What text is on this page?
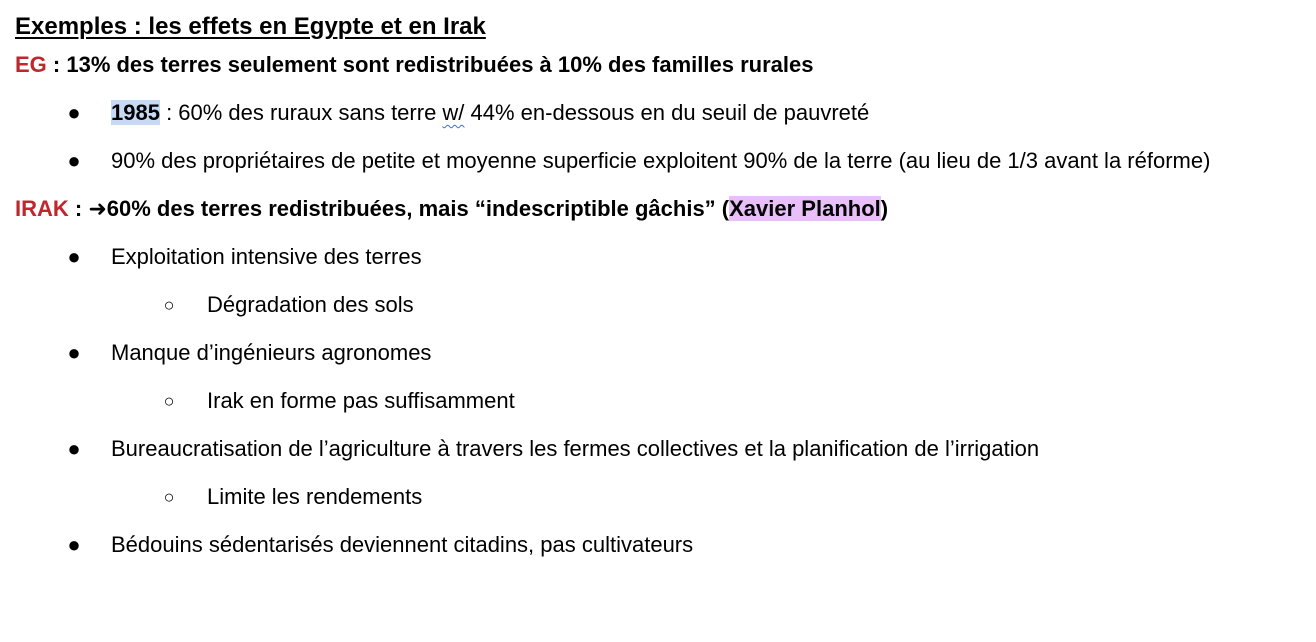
Exemples : les effets en Egypte et en Irak

EG : 13% des terres seulement sont redistribuées à 10% des familles rurales

● 1985 : 60% des ruraux sans terre w/ 44% en-dessous en du seuil de pauvreté
● 90% des propriétaires de petite et moyenne superficie exploitent 90% de la terre (au lieu de 1/3 avant la réforme)

IRAK : ➜60% des terres redistribuées, mais “indescriptible gâchis” (Xavier Planhol)

● Exploitation intensive des terres
○ Dégradation des sols
● Manque d’ingénieurs agronomes
○ Irak en forme pas suffisamment
● Bureaucratisation de l’agriculture à travers les fermes collectives et la planification de l’irrigation
○ Limite les rendements
● Bédouins sédentarisés deviennent citadins, pas cultivateurs
